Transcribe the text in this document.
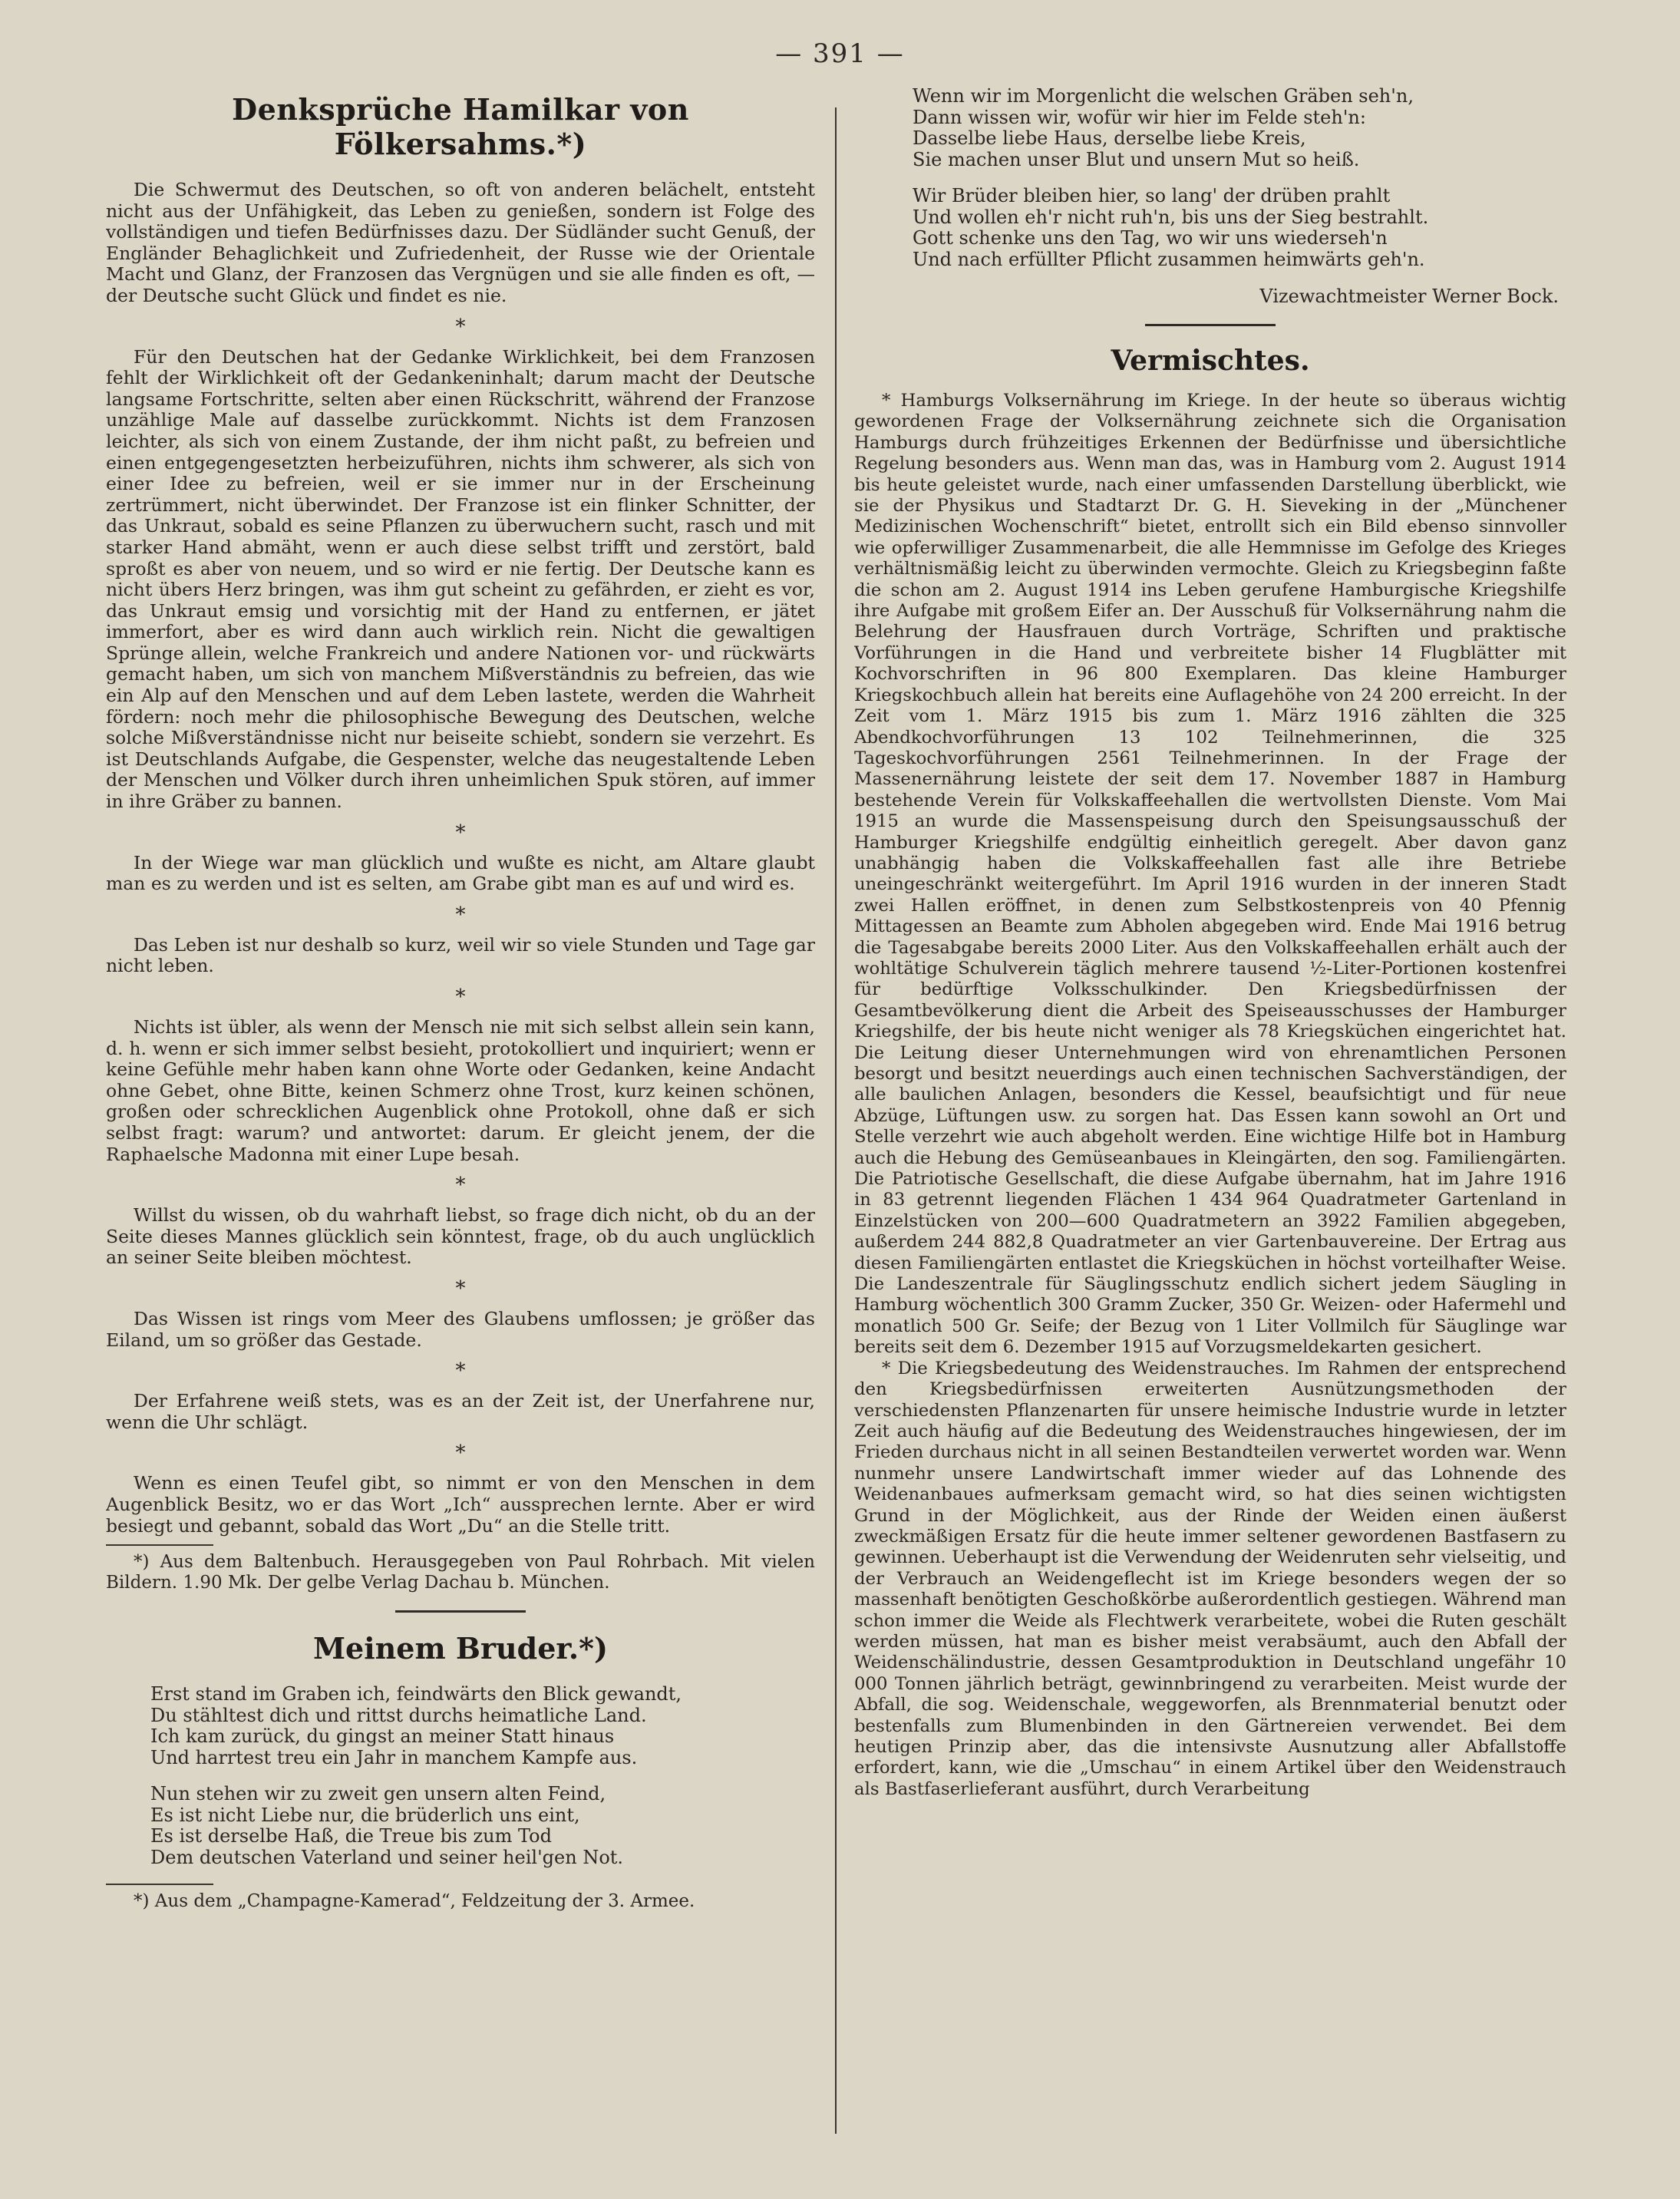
— 391 —
Denksprüche Hamilkar von Fölkersahms.*)

Die Schwermut des Deutschen, so oft von anderen belächelt, entsteht nicht aus der Unfähigkeit, das Leben zu genießen, sondern ist Folge des vollständigen und tiefen Bedürfnisses dazu. Der Südländer sucht Genuß, der Engländer Behaglichkeit und Zufriedenheit, der Russe wie der Orientale Macht und Glanz, der Franzosen das Vergnügen und sie alle finden es oft, — der Deutsche sucht Glück und findet es nie.

*

Für den Deutschen hat der Gedanke Wirklichkeit, bei dem Franzosen fehlt der Wirklichkeit oft der Gedankeninhalt; darum macht der Deutsche langsame Fortschritte, selten aber einen Rückschritt, während der Franzose unzählige Male auf dasselbe zurückkommt. Nichts ist dem Franzosen leichter, als sich von einem Zustande, der ihm nicht paßt, zu befreien und einen entgegengesetzten herbeizuführen, nichts ihm schwerer, als sich von einer Idee zu befreien, weil er sie immer nur in der Erscheinung zertrümmert, nicht überwindet. Der Franzose ist ein flinker Schnitter, der das Unkraut, sobald es seine Pflanzen zu überwuchern sucht, rasch und mit starker Hand abmäht, wenn er auch diese selbst trifft und zerstört, bald sproßt es aber von neuem, und so wird er nie fertig. Der Deutsche kann es nicht übers Herz bringen, was ihm gut scheint zu gefährden, er zieht es vor, das Unkraut emsig und vorsichtig mit der Hand zu entfernen, er jätet immerfort, aber es wird dann auch wirklich rein. Nicht die gewaltigen Sprünge allein, welche Frankreich und andere Nationen vor- und rückwärts gemacht haben, um sich von manchem Mißverständnis zu befreien, das wie ein Alp auf den Menschen und auf dem Leben lastete, werden die Wahrheit fördern: noch mehr die philosophische Bewegung des Deutschen, welche solche Mißverständnisse nicht nur beiseite schiebt, sondern sie verzehrt. Es ist Deutschlands Aufgabe, die Gespenster, welche das neugestaltende Leben der Menschen und Völker durch ihren unheimlichen Spuk stören, auf immer in ihre Gräber zu bannen.

*

In der Wiege war man glücklich und wußte es nicht, am Altare glaubt man es zu werden und ist es selten, am Grabe gibt man es auf und wird es.

*

Das Leben ist nur deshalb so kurz, weil wir so viele Stunden und Tage gar nicht leben.

*

Nichts ist übler, als wenn der Mensch nie mit sich selbst allein sein kann, d. h. wenn er sich immer selbst besieht, protokolliert und inquiriert; wenn er keine Gefühle mehr haben kann ohne Worte oder Gedanken, keine Andacht ohne Gebet, ohne Bitte, keinen Schmerz ohne Trost, kurz keinen schönen, großen oder schrecklichen Augenblick ohne Protokoll, ohne daß er sich selbst fragt: warum? und antwortet: darum. Er gleicht jenem, der die Raphaelsche Madonna mit einer Lupe besah.

*

Willst du wissen, ob du wahrhaft liebst, so frage dich nicht, ob du an der Seite dieses Mannes glücklich sein könntest, frage, ob du auch unglücklich an seiner Seite bleiben möchtest.

*

Das Wissen ist rings vom Meer des Glaubens umflossen; je größer das Eiland, um so größer das Gestade.

*

Der Erfahrene weiß stets, was es an der Zeit ist, der Unerfahrene nur, wenn die Uhr schlägt.

*

Wenn es einen Teufel gibt, so nimmt er von den Menschen in dem Augenblick Besitz, wo er das Wort „Ich“ aussprechen lernte. Aber er wird besiegt und gebannt, sobald das Wort „Du“ an die Stelle tritt.

*) Aus dem Baltenbuch. Herausgegeben von Paul Rohrbach. Mit vielen Bildern. 1.90 Mk. Der gelbe Verlag Dachau b. München.

Meinem Bruder.*)
Erst stand im Graben ich, feindwärts den Blick gewandt,
Du stähltest dich und rittst durchs heimatliche Land.
Ich kam zurück, du gingst an meiner Statt hinaus
Und harrtest treu ein Jahr in manchem Kampfe aus.
Nun stehen wir zu zweit gen unsern alten Feind,
Es ist nicht Liebe nur, die brüderlich uns eint,
Es ist derselbe Haß, die Treue bis zum Tod
Dem deutschen Vaterland und seiner heil'gen Not.

*) Aus dem „Champagne-Kamerad“, Feldzeitung der 3. Armee.

Wenn wir im Morgenlicht die welschen Gräben seh'n,
Dann wissen wir, wofür wir hier im Felde steh'n:
Dasselbe liebe Haus, derselbe liebe Kreis,
Sie machen unser Blut und unsern Mut so heiß.
Wir Brüder bleiben hier, so lang' der drüben prahlt
Und wollen eh'r nicht ruh'n, bis uns der Sieg bestrahlt.
Gott schenke uns den Tag, wo wir uns wiederseh'n
Und nach erfüllter Pflicht zusammen heimwärts geh'n.
Vizewachtmeister Werner Bock.
Vermischtes.

* Hamburgs Volksernährung im Kriege. In der heute so überaus wichtig gewordenen Frage der Volksernährung zeichnete sich die Organisation Hamburgs durch frühzeitiges Erkennen der Bedürfnisse und übersichtliche Regelung besonders aus. Wenn man das, was in Hamburg vom 2. August 1914 bis heute geleistet wurde, nach einer umfassenden Darstellung überblickt, wie sie der Physikus und Stadtarzt Dr. G. H. Sieveking in der „Münchener Medizinischen Wochenschrift“ bietet, entrollt sich ein Bild ebenso sinnvoller wie opferwilliger Zusammenarbeit, die alle Hemmnisse im Gefolge des Krieges verhältnismäßig leicht zu überwinden vermochte. Gleich zu Kriegsbeginn faßte die schon am 2. August 1914 ins Leben gerufene Hamburgische Kriegshilfe ihre Aufgabe mit großem Eifer an. Der Ausschuß für Volksernährung nahm die Belehrung der Hausfrauen durch Vorträge, Schriften und praktische Vorführungen in die Hand und verbreitete bisher 14 Flugblätter mit Kochvorschriften in 96 800 Exemplaren. Das kleine Hamburger Kriegskochbuch allein hat bereits eine Auflagehöhe von 24 200 erreicht. In der Zeit vom 1. März 1915 bis zum 1. März 1916 zählten die 325 Abendkochvorführungen 13 102 Teilnehmerinnen, die 325 Tageskochvorführungen 2561 Teilnehmerinnen. In der Frage der Massenernährung leistete der seit dem 17. November 1887 in Hamburg bestehende Verein für Volkskaffeehallen die wertvollsten Dienste. Vom Mai 1915 an wurde die Massenspeisung durch den Speisungsausschuß der Hamburger Kriegshilfe endgültig einheitlich geregelt. Aber davon ganz unabhängig haben die Volkskaffeehallen fast alle ihre Betriebe uneingeschränkt weitergeführt. Im April 1916 wurden in der inneren Stadt zwei Hallen eröffnet, in denen zum Selbstkostenpreis von 40 Pfennig Mittagessen an Beamte zum Abholen abgegeben wird. Ende Mai 1916 betrug die Tagesabgabe bereits 2000 Liter. Aus den Volkskaffeehallen erhält auch der wohltätige Schulverein täglich mehrere tausend ½-Liter-Portionen kostenfrei für bedürftige Volksschulkinder. Den Kriegsbedürfnissen der Gesamtbevölkerung dient die Arbeit des Speiseausschusses der Hamburger Kriegshilfe, der bis heute nicht weniger als 78 Kriegsküchen eingerichtet hat. Die Leitung dieser Unternehmungen wird von ehrenamtlichen Personen besorgt und besitzt neuerdings auch einen technischen Sachverständigen, der alle baulichen Anlagen, besonders die Kessel, beaufsichtigt und für neue Abzüge, Lüftungen usw. zu sorgen hat. Das Essen kann sowohl an Ort und Stelle verzehrt wie auch abgeholt werden. Eine wichtige Hilfe bot in Hamburg auch die Hebung des Gemüseanbaues in Kleingärten, den sog. Familiengärten. Die Patriotische Gesellschaft, die diese Aufgabe übernahm, hat im Jahre 1916 in 83 getrennt liegenden Flächen 1 434 964 Quadratmeter Gartenland in Einzelstücken von 200—600 Quadratmetern an 3922 Familien abgegeben, außerdem 244 882,8 Quadratmeter an vier Gartenbauvereine. Der Ertrag aus diesen Familiengärten entlastet die Kriegsküchen in höchst vorteilhafter Weise. Die Landeszentrale für Säuglingsschutz endlich sichert jedem Säugling in Hamburg wöchentlich 300 Gramm Zucker, 350 Gr. Weizen- oder Hafermehl und monatlich 500 Gr. Seife; der Bezug von 1 Liter Vollmilch für Säuglinge war bereits seit dem 6. Dezember 1915 auf Vorzugsmeldekarten gesichert.

* Die Kriegsbedeutung des Weidenstrauches. Im Rahmen der entsprechend den Kriegsbedürfnissen erweiterten Ausnützungsmethoden der verschiedensten Pflanzenarten für unsere heimische Industrie wurde in letzter Zeit auch häufig auf die Bedeutung des Weidenstrauches hingewiesen, der im Frieden durchaus nicht in all seinen Bestandteilen verwertet worden war. Wenn nunmehr unsere Landwirtschaft immer wieder auf das Lohnende des Weidenanbaues aufmerksam gemacht wird, so hat dies seinen wichtigsten Grund in der Möglichkeit, aus der Rinde der Weiden einen äußerst zweckmäßigen Ersatz für die heute immer seltener gewordenen Bastfasern zu gewinnen. Ueberhaupt ist die Verwendung der Weidenruten sehr vielseitig, und der Verbrauch an Weidengeflecht ist im Kriege besonders wegen der so massenhaft benötigten Geschoßkörbe außerordentlich gestiegen. Während man schon immer die Weide als Flechtwerk verarbeitete, wobei die Ruten geschält werden müssen, hat man es bisher meist verabsäumt, auch den Abfall der Weidenschälindustrie, dessen Gesamtproduktion in Deutschland ungefähr 10 000 Tonnen jährlich beträgt, gewinnbringend zu verarbeiten. Meist wurde der Abfall, die sog. Weidenschale, weggeworfen, als Brennmaterial benutzt oder bestenfalls zum Blumenbinden in den Gärtnereien verwendet. Bei dem heutigen Prinzip aber, das die intensivste Ausnutzung aller Abfallstoffe erfordert, kann, wie die „Umschau“ in einem Artikel über den Weidenstrauch als Bastfaserlieferant ausführt, durch Verarbeitung
